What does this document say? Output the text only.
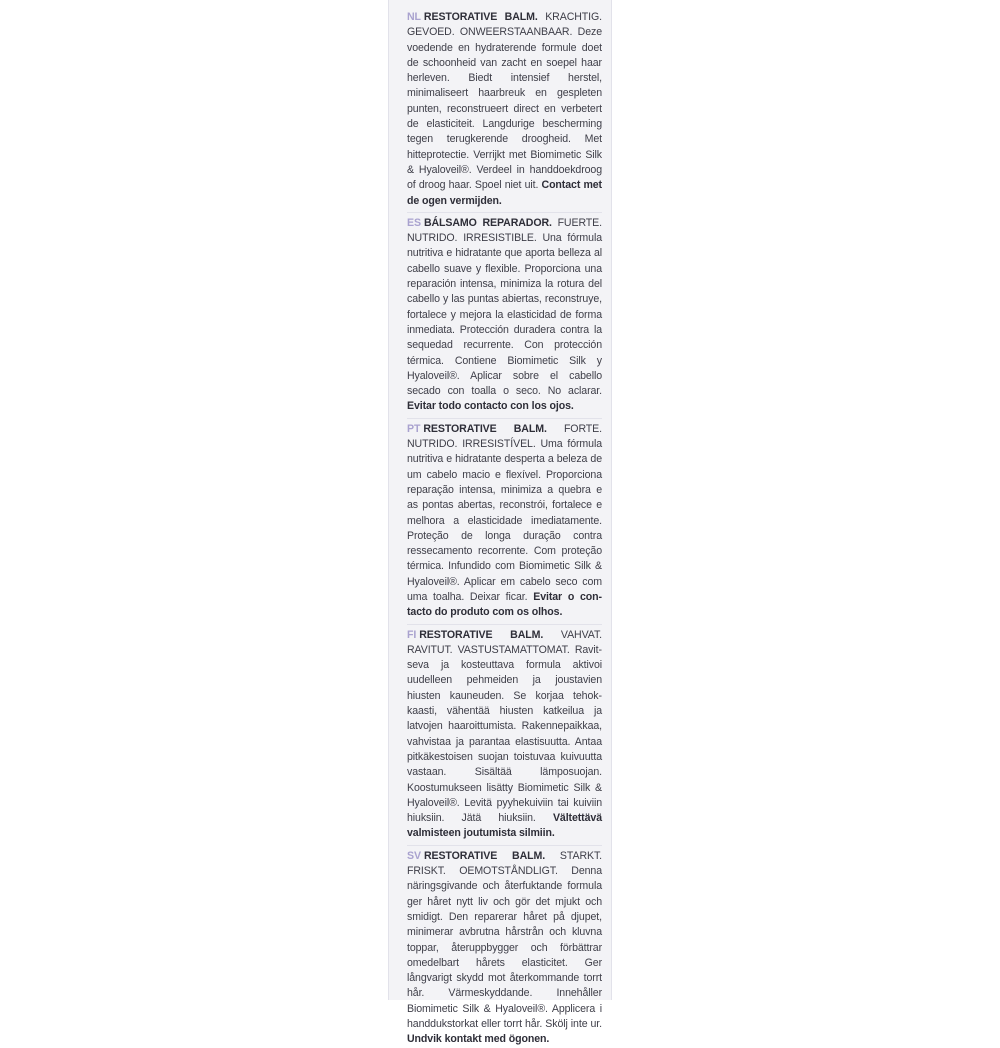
NL RESTORATIVE BALM. KRACHTIG. GEVOED. ONWEERSTAANBAAR. Deze voedende en hydraterende formule doet de schoonheid van zacht en soepel haar herleven. Biedt intensief herstel, minimaliseert haarbreuk en gespleten punten, reconstrueert direct en verbetert de elasticiteit. Langdurige bescherming tegen terugkerende droogheid. Met hitteprotectie. Verrijkt met Biomimetic Silk & Hyaloveil®. Verdeel in handdoekdroog of droog haar. Spoel niet uit. Contact met de ogen vermijden.

ES BÁLSAMO REPARADOR. FUERTE. NUTRIDO. IRRESISTIBLE. Una fórmula nutritiva e hidratante que aporta belleza al cabello suave y flexible. Proporciona una reparación intensa, minimiza la rotura del cabello y las puntas abiertas, reconstruye, fortalece y mejora la elasticidad de forma inmediata. Protección duradera contra la sequedad recurrente. Con protección térmica. Contiene Biomimetic Silk y Hyaloveil®. Aplicar sobre el cabello secado con toalla o seco. No aclarar. Evitar todo contacto con los ojos.

PT RESTORATIVE BALM. FORTE. NUTRIDO. IRRESISTÍVEL. Uma fórmula nutritiva e hidratante desperta a beleza de um cabelo macio e flexível. Proporciona reparação intensa, minimiza a quebra e as pontas abertas, reconstrói, fortalece e melhora a elasticidade imediatamente. Proteção de longa duração contra ressecamento recorrente. Com proteção térmica. Infundido com Biomimetic Silk & Hyaloveil®. Aplicar em cabelo seco com uma toalha. Deixar ficar. Evitar o contacto do produto com os olhos.

FI RESTORATIVE BALM. VAHVAT. RAVITUT. VASTUSTAMATTOMAT. Ravitseva ja kosteuttava formula aktivoi uudelleen pehmeiden ja joustavien hiusten kauneuden. Se korjaa tehokkaasti, vähentää hiusten katkeilua ja latvojen haaroittumista. Rakennepaikkaa, vahvistaa ja parantaa elastisuutta. Antaa pitkäkestoisen suojan toistuvaa kuivuutta vastaan. Sisältää lämposuojan. Koostumukseen lisätty Biomimetic Silk & Hyaloveil®. Levitä pyyhekuiviin tai kuiviin hiuksiin. Jätä hiuksiin. Vältettävä valmisteen joutumista silmiin.

SV RESTORATIVE BALM. STARKT. FRISKT. OEMOTSTÅNDLIGT. Denna näringsgivande och återfuktande formula ger håret nytt liv och gör det mjukt och smidigt. Den reparerar håret på djupet, minimerar avbrutna hårstrån och kluvna toppar, återuppbygger och förbättrar omedelbart hårets elasticitet. Ger långvarigt skydd mot återkommande torrt hår. Värmeskyddande. Innehåller Biomimetic Silk & Hyaloveil®. Applicera i handdukstorkat eller torrt hår. Skölj inte ur. Undvik kontakt med ögonen.
